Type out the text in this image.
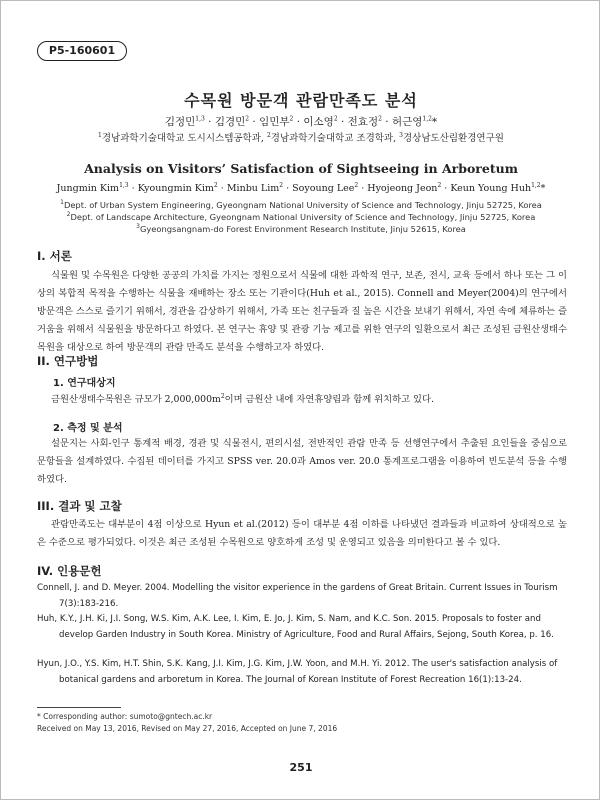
P5-160601
수목원 방문객 관람만족도 분석
김정민$^{1,3}$ · 김경민$^2$ · 임민부$^2$ · 이소영$^2$ · 전효정$^2$ · 허근영$^{1,2}$*
$^1$경남과학기술대학교 도시시스템공학과, $^2$경남과학기술대학교 조경학과, $^3$경상남도산림환경연구원
Analysis on Visitors’ Satisfaction of Sightseeing in Arboretum
Jungmin Kim$^{1,3}$ · Kyoungmin Kim$^2$ · Minbu Lim$^2$ · Soyoung Lee$^2$ · Hyojeong Jeon$^2$ · Keun Young Huh$^{1,2}$*
$^1$Dept. of Urban System Engineering, Gyeongnam National University of Science and Technology, Jinju 52725, Korea
$^2$Dept. of Landscape Architecture, Gyeongnam National University of Science and Technology, Jinju 52725, Korea
$^3$Gyeongsangnam-do Forest Environment Research Institute, Jinju 52615, Korea
I. 서론
식물원 및 수목원은 다양한 공공의 가치를 가지는 정원으로서 식물에 대한 과학적 연구, 보존, 전시, 교육 등에서 하나 또는 그 이상의 복합적 목적을 수행하는 식물을 재배하는 장소 또는 기관이다(Huh et al., 2015). Connell and Meyer(2004)의 연구에서 방문객은 스스로 즐기기 위해서, 경관을 감상하기 위해서, 가족 또는 친구들과 질 높은 시간을 보내기 위해서, 자연 속에 체류하는 즐거움을 위해서 식물원을 방문하다고 하였다. 본 연구는 휴양 및 관광 기능 제고를 위한 연구의 일환으로서 최근 조성된 금원산생태수목원을 대상으로 하여 방문객의 관람 만족도 분석을 수행하고자 하였다.
II. 연구방법
1. 연구대상지
금원산생태수목원은 규모가 $2,000,000m^2$이며 금원산 내에 자연휴양림과 함께 위치하고 있다.
2. 측정 및 분석
설문지는 사회-인구 통계적 배경, 경관 및 식물전시, 편의시설, 전반적인 관람 만족 등 선행연구에서 추출된 요인들을 중심으로 문항들을 설계하였다. 수집된 데이터를 가지고 SPSS ver. 20.0과 Amos ver. 20.0 통계프로그램을 이용하여 빈도분석 등을 수행하였다.
III. 결과 및 고찰
관람만족도는 대부분이 4점 이상으로 Hyun et al.(2012) 등이 대부분 4점 이하를 나타냈던 결과들과 비교하여 상대적으로 높은 수준으로 평가되었다. 이것은 최근 조성된 수목원으로 양호하게 조성 및 운영되고 있음을 의미한다고 볼 수 있다.
IV. 인용문헌
Connell, J. and D. Meyer. 2004. Modelling the visitor experience in the gardens of Great Britain. Current Issues in Tourism 7(3):183-216.
Huh, K.Y., J.H. Ki, J.I. Song, W.S. Kim, A.K. Lee, I. Kim, E. Jo, J. Kim, S. Nam, and K.C. Son. 2015. Proposals to foster and develop Garden Industry in South Korea. Ministry of Agriculture, Food and Rural Affairs, Sejong, South Korea, p. 16.
Hyun, J.O., Y.S. Kim, H.T. Shin, S.K. Kang, J.I. Kim, J.G. Kim, J.W. Yoon, and M.H. Yi. 2012. The user's satisfaction analysis of botanical gardens and arboretum in Korea. The Journal of Korean Institute of Forest Recreation 16(1):13-24.
* Corresponding author: sumoto@gntech.ac.kr
Received on May 13, 2016, Revised on May 27, 2016, Accepted on June 7, 2016
251
